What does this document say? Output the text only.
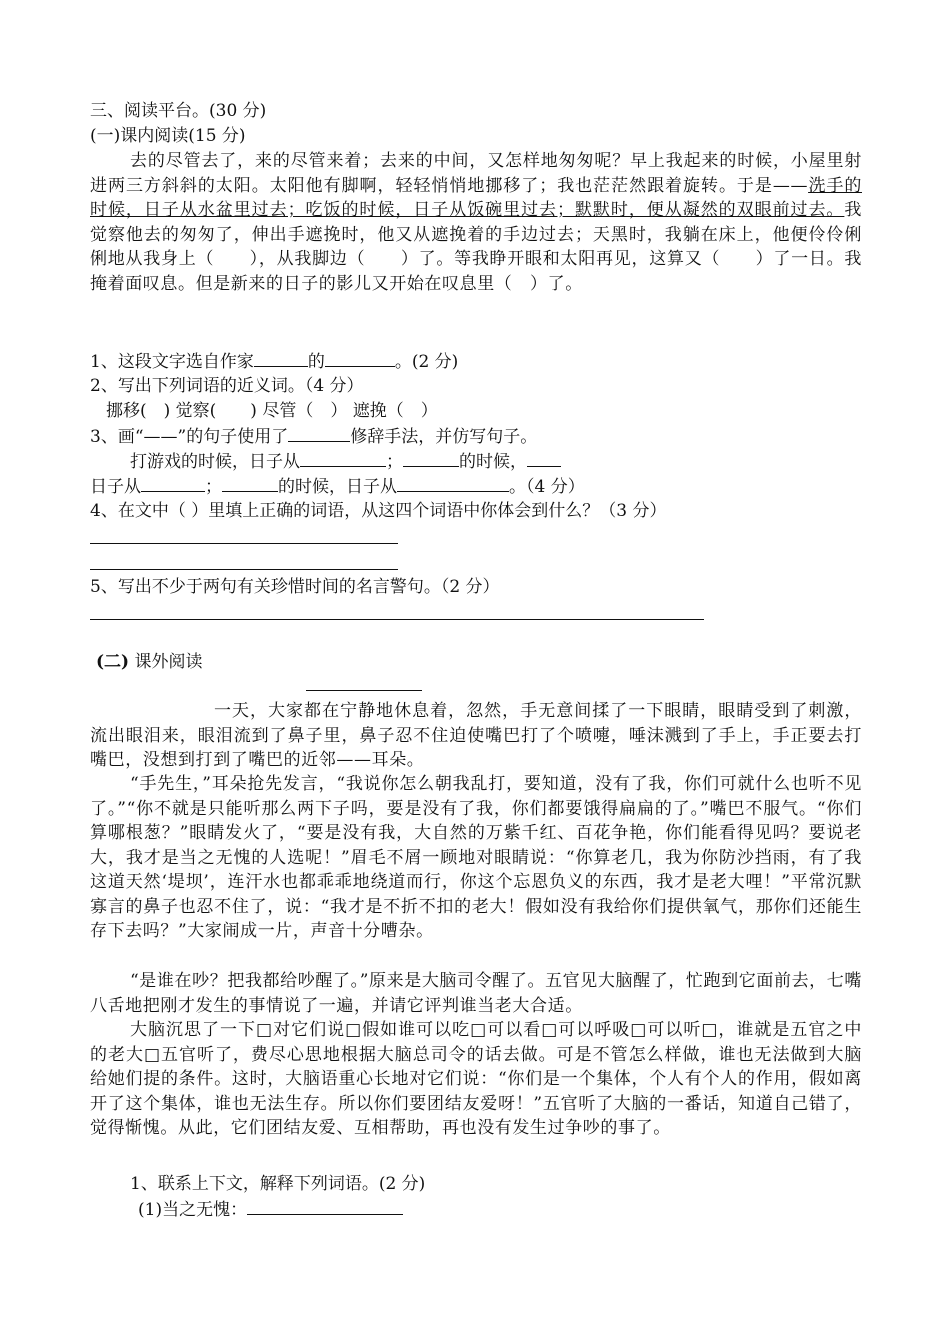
三、阅读平台。(30 分)
(一)课内阅读(15 分)
去的尽管去了，来的尽管来着；去来的中间，又怎样地匆匆呢？早上我起来的时候，小屋里射进两三方斜斜的太阳。太阳他有脚啊，轻轻悄悄地挪移了；我也茫茫然跟着旋转。于是——洗手的时候，日子从水盆里过去；吃饭的时候，日子从饭碗里过去；默默时，便从凝然的双眼前过去。我觉察他去的匆匆了，伸出手遮挽时，他又从遮挽着的手边过去；天黑时，我躺在床上，他便伶伶俐俐地从我身上（　　），从我脚边（　　）了。等我睁开眼和太阳再见，这算又（　　）了一日。我掩着面叹息。但是新来的日子的影儿又开始在叹息里（　）了。
1、这段文字选自作家	的	。(2 分)
2、写出下列词语的近义词。（4 分）
挪移(　) 觉察(　　) 尽管（　） 遮挽（　）
3、画“——”的句子使用了	修辞手法，并仿写句子。
打游戏的时候，日子从	；	的时候，
日子从	；	的时候，日子从	。（4 分）
4、在文中（ ）里填上正确的词语，从这四个词语中你体会到什么？（3 分）
5、写出不少于两句有关珍惜时间的名言警句。（2 分）
(二) 课外阅读
一天，大家都在宁静地休息着，忽然，手无意间揉了一下眼睛，眼睛受到了刺激，流出眼泪来，眼泪流到了鼻子里，鼻子忍不住迫使嘴巴打了个喷嚏，唾沫溅到了手上，手正要去打嘴巴，没想到打到了嘴巴的近邻——耳朵。
“手先生，”耳朵抢先发言，“我说你怎么朝我乱打，要知道，没有了我，你们可就什么也听不见了。”“你不就是只能听那么两下子吗，要是没有了我，你们都要饿得扁扁的了。”嘴巴不服气。“你们算哪根葱？”眼睛发火了，“要是没有我，大自然的万紫千红、百花争艳，你们能看得见吗？要说老大，我才是当之无愧的人选呢！”眉毛不屑一顾地对眼睛说：“你算老几，我为你防沙挡雨，有了我这道天然‘堤坝’，连汗水也都乖乖地绕道而行，你这个忘恩负义的东西，我才是老大哩！”平常沉默寡言的鼻子也忍不住了，说：“我才是不折不扣的老大！假如没有我给你们提供氧气，那你们还能生存下去吗？”大家闹成一片，声音十分嘈杂。
“是谁在吵？把我都给吵醒了。”原来是大脑司令醒了。五官见大脑醒了，忙跑到它面前去，七嘴八舌地把刚才发生的事情说了一遍，并请它评判谁当老大合适。
大脑沉思了一下□对它们说□假如谁可以吃□可以看□可以呼吸□可以听□，谁就是五官之中的老大□五官听了，费尽心思地根据大脑总司令的话去做。可是不管怎么样做，谁也无法做到大脑给她们提的条件。这时，大脑语重心长地对它们说：“你们是一个集体，个人有个人的作用，假如离开了这个集体，谁也无法生存。所以你们要团结友爱呀！”五官听了大脑的一番话，知道自己错了，觉得惭愧。从此，它们团结友爱、互相帮助，再也没有发生过争吵的事了。
1、联系上下文，解释下列词语。(2 分)
(1)当之无愧：
